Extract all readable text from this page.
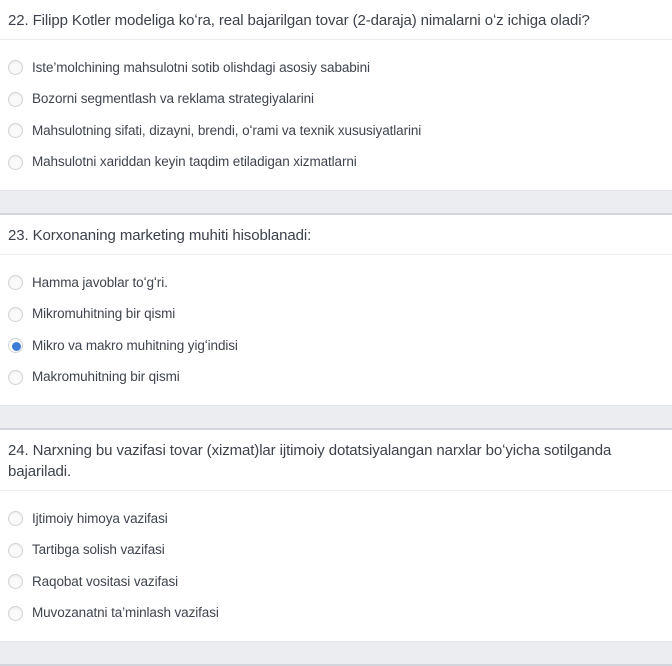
22. Filipp Kotler modeliga koʻra, real bajarilgan tovar (2-daraja) nimalarni oʻz ichiga oladi?
Iste’molchining mahsulotni sotib olishdagi asosiy sababini
Bozorni segmentlash va reklama strategiyalarini
Mahsulotning sifati, dizayni, brendi, oʻrami va texnik xususiyatlarini
Mahsulotni xariddan keyin taqdim etiladigan xizmatlarni
23. Korxonaning marketing muhiti hisoblanadi:
Hamma javoblar toʻgʻri.
Mikromuhitning bir qismi
Mikro va makro muhitning yigʻindisi
Makromuhitning bir qismi
24. Narxning bu vazifasi tovar (xizmat)lar ijtimoiy dotatsiyalangan narxlar boʻyicha sotilganda bajariladi.
Ijtimoiy himoya vazifasi
Tartibga solish vazifasi
Raqobat vositasi vazifasi
Muvozanatni ta’minlash vazifasi
